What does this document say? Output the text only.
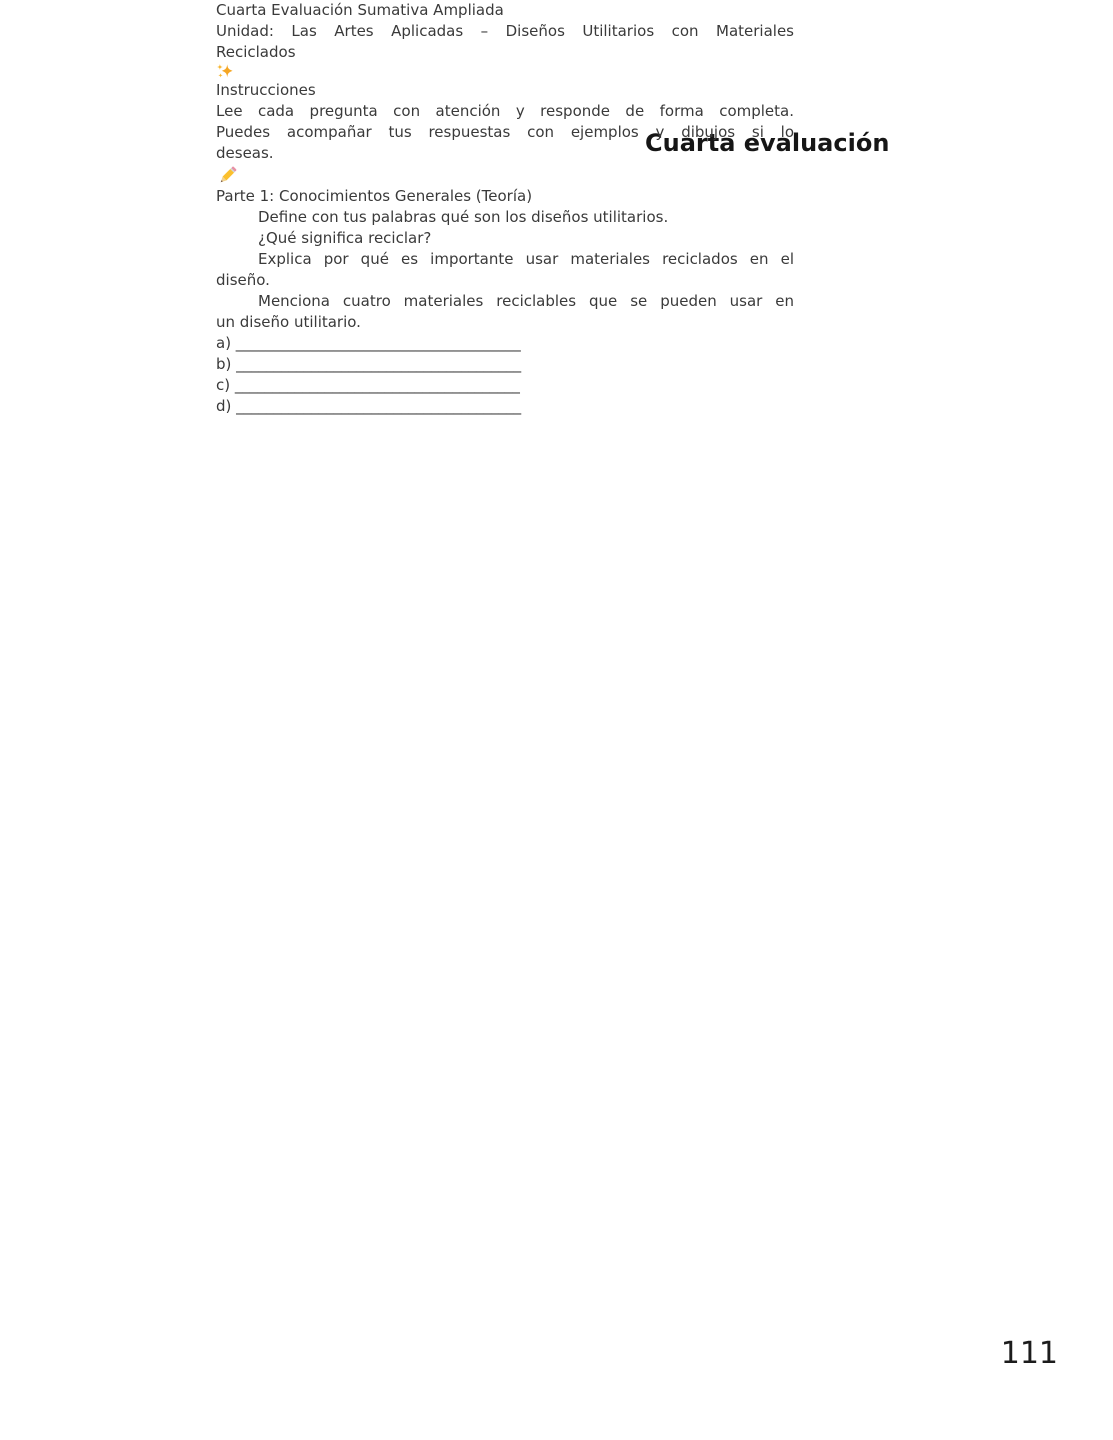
Cuarta evaluación
Cuarta Evaluación Sumativa Ampliada
Unidad: Las Artes Aplicadas – Diseños Utilitarios con Materiales
Reciclados
Instrucciones
Lee cada pregunta con atención y responde de forma completa.
Puedes acompañar tus respuestas con ejemplos y dibujos si lo
deseas.
Parte 1: Conocimientos Generales (Teoría)
Define con tus palabras qué son los diseños utilitarios.
¿Qué significa reciclar?
Explica por qué es importante usar materiales reciclados en el
diseño.
Menciona cuatro materiales reciclables que se pueden usar en
un diseño utilitario.
a) ______________________________________
b) ______________________________________
c) ______________________________________
d) ______________________________________
111
